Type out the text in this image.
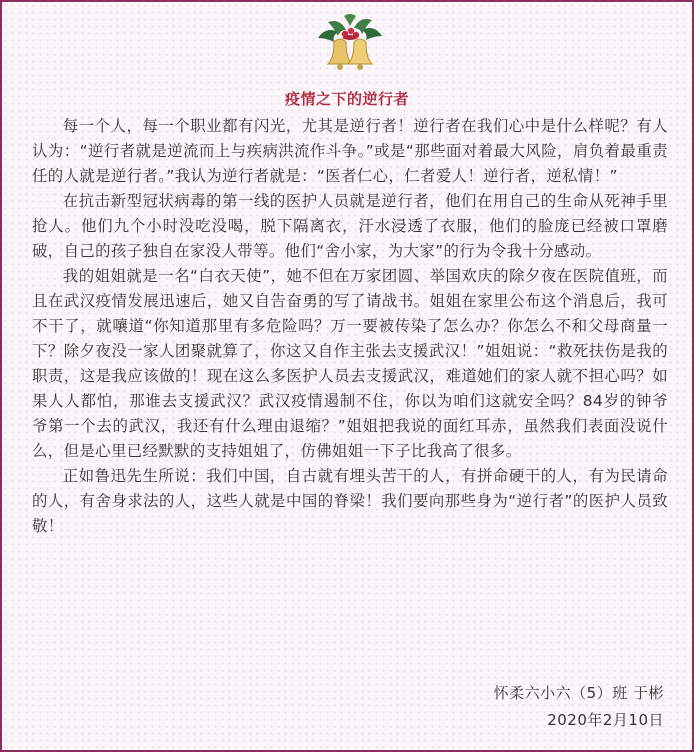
疫情之下的逆行者

每一个人，每一个职业都有闪光，尤其是逆行者！逆行者在我们心中是什么样呢？有人认为：“逆行者就是逆流而上与疾病洪流作斗争。”或是“那些面对着最大风险，肩负着最重责任的人就是逆行者。”我认为逆行者就是：“医者仁心，仁者爱人！逆行者，逆私情！”

在抗击新型冠状病毒的第一线的医护人员就是逆行者，他们在用自己的生命从死神手里抢人。他们九个小时没吃没喝，脱下隔离衣，汗水浸透了衣服，他们的脸庞已经被口罩磨破，自己的孩子独自在家没人带等。他们“舍小家，为大家”的行为令我十分感动。

我的姐姐就是一名“白衣天使”，她不但在万家团圆、举国欢庆的除夕夜在医院值班，而且在武汉疫情发展迅速后，她又自告奋勇的写了请战书。姐姐在家里公布这个消息后，我可不干了，就嚷道“你知道那里有多危险吗？万一要被传染了怎么办？你怎么不和父母商量一下？除夕夜没一家人团聚就算了，你这又自作主张去支援武汉！”姐姐说：“救死扶伤是我的职责，这是我应该做的！现在这么多医护人员去支援武汉，难道她们的家人就不担心吗？如果人人都怕，那谁去支援武汉？武汉疫情遏制不住，你以为咱们这就安全吗？84岁的钟爷爷第一个去的武汉，我还有什么理由退缩？”姐姐把我说的面红耳赤，虽然我们表面没说什么，但是心里已经默默的支持姐姐了，仿佛姐姐一下子比我高了很多。

正如鲁迅先生所说：我们中国，自古就有埋头苦干的人，有拼命硬干的人，有为民请命的人，有舍身求法的人，这些人就是中国的脊梁！我们要向那些身为“逆行者”的医护人员致敬！

怀柔六小六（5）班 于彬
2020年2月10日
